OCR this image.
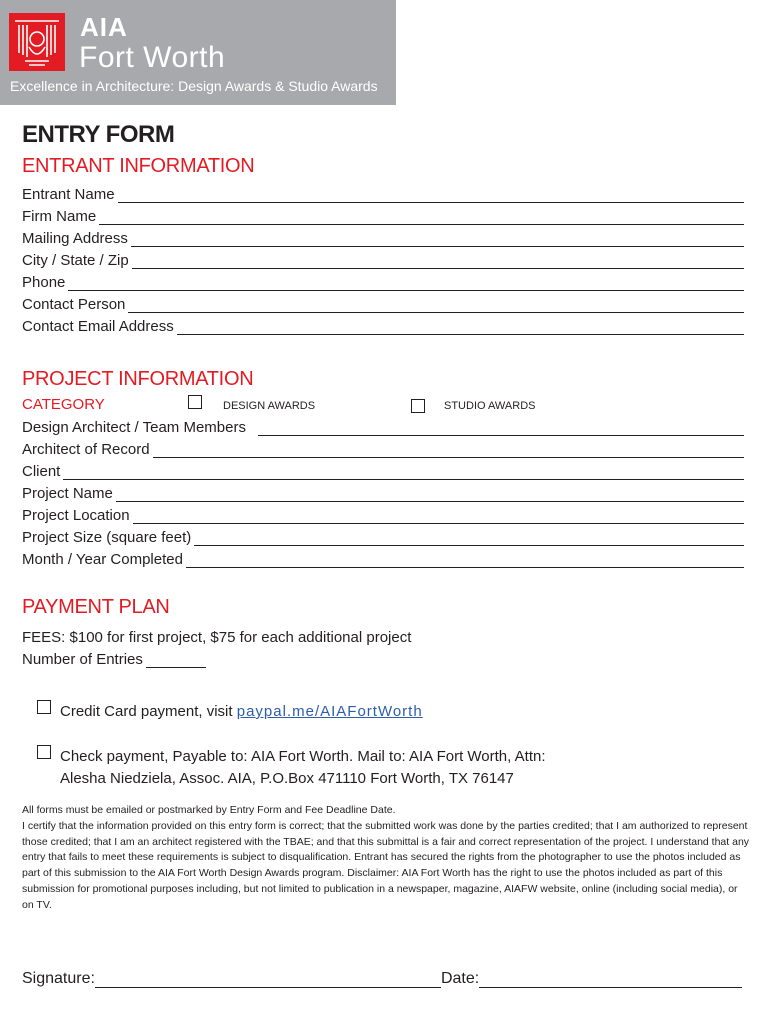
AIA
Fort Worth
Excellence in Architecture: Design Awards & Studio Awards
ENTRY FORM
ENTRANT INFORMATION
Entrant Name
Firm Name
Mailing Address
City / State / Zip
Phone
Contact Person
Contact Email Address
PROJECT INFORMATION
CATEGORY	DESIGN AWARDS	STUDIO AWARDS
Design Architect / Team Members
Architect of Record
Client
Project Name
Project Location
Project Size (square feet)
Month / Year Completed
PAYMENT PLAN
FEES: $100 for first project, $75 for each additional project
Number of Entries
Credit Card payment, visit paypal.me/AIAFortWorth
Check payment, Payable to: AIA Fort Worth. Mail to: AIA Fort Worth, Attn:
Alesha Niedziela, Assoc. AIA, P.O.Box 471110 Fort Worth, TX 76147

All forms must be emailed or postmarked by Entry Form and Fee Deadline Date.

I certify that the information provided on this entry form is correct; that the submitted work was done by the parties credited; that I am authorized to represent those credited; that I am an architect registered with the TBAE; and that this submittal is a fair and correct representation of the project. I understand that any entry that fails to meet these requirements is subject to disqualification. Entrant has secured the rights from the photographer to use the photos included as part of this submission to the AIA Fort Worth Design Awards program. Disclaimer: AIA Fort Worth has the right to use the photos included as part of this submission for promotional purposes including, but not limited to publication in a newspaper, magazine, AIAFW website, online (including social media), or on TV.

Signature:	Date:
